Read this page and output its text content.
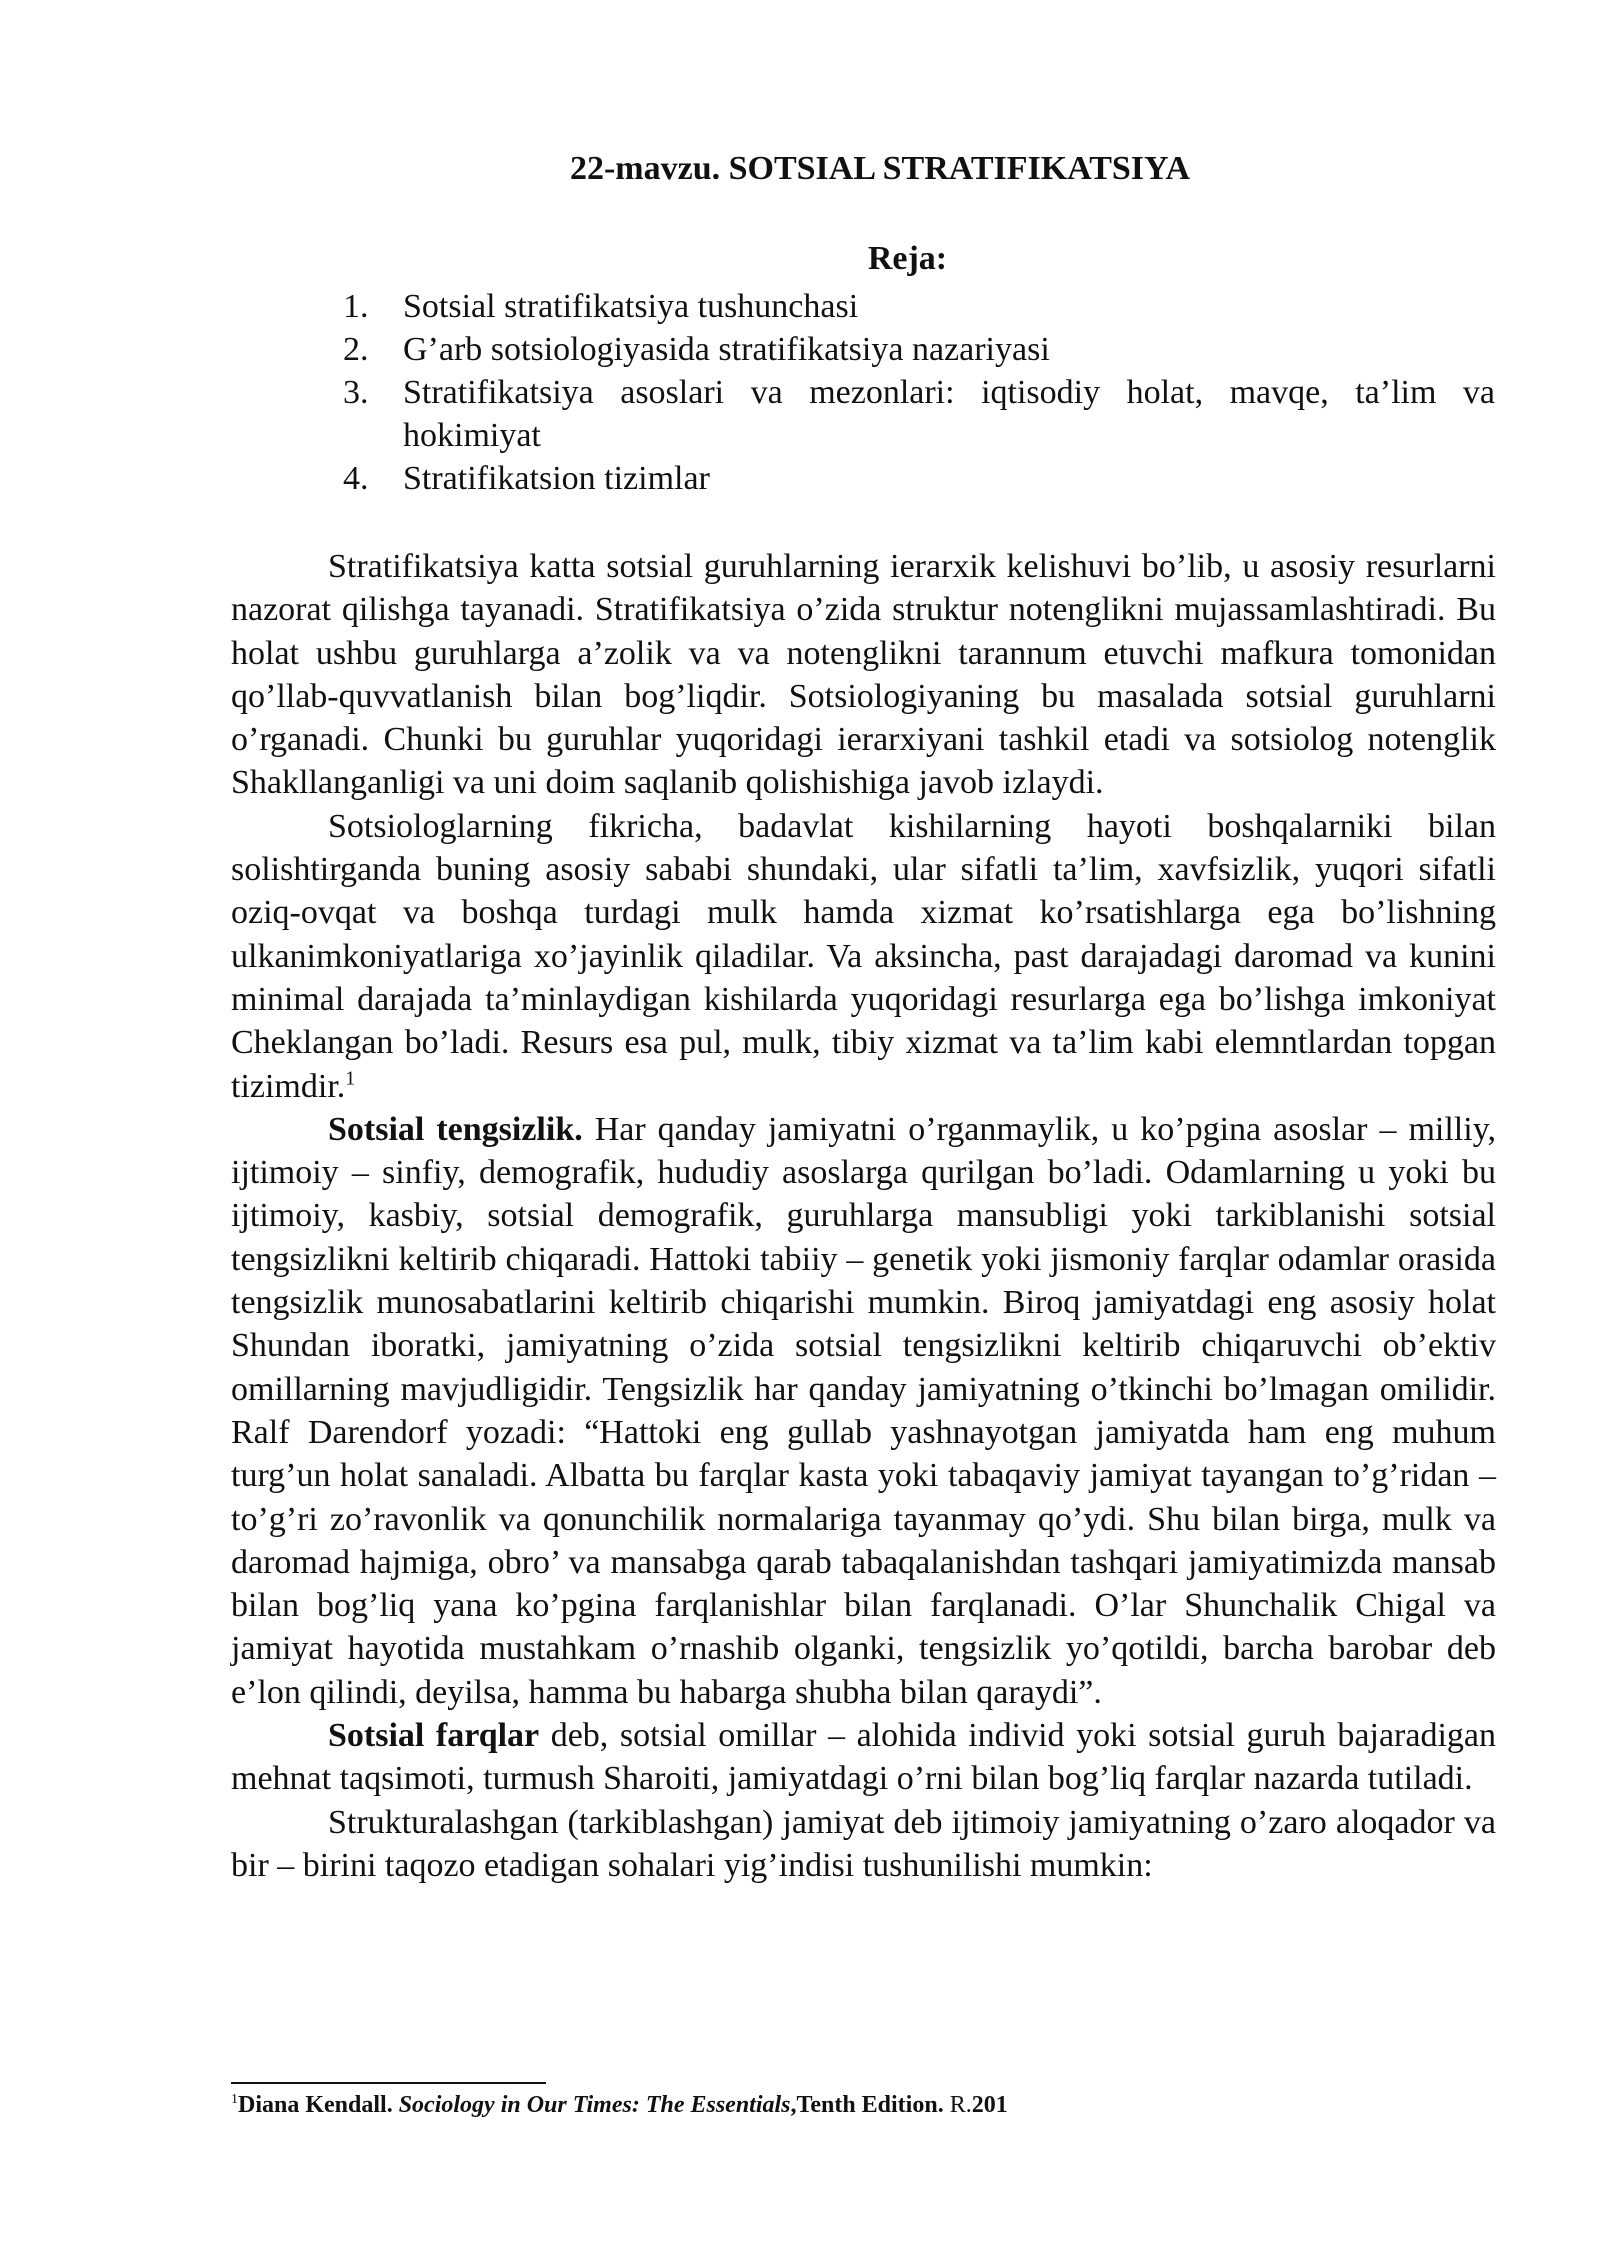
22-mavzu. SOTSIAL STRATIFIKATSIYA
Reja:
1. Sotsial stratifikatsiya tushunchasi
2. G’arb sotsiologiyasida stratifikatsiya nazariyasi
3. Stratifikatsiya asoslari va mezonlari: iqtisodiy holat, mavqe, ta’lim va hokimiyat
4. Stratifikatsion tizimlar

Stratifikatsiya katta sotsial guruhlarning ierarxik kelishuvi bo’lib, u asosiy resurlarni nazorat qilishga tayanadi. Stratifikatsiya o’zida struktur notenglikni mujassamlashtiradi. Bu holat ushbu guruhlarga a’zolik va va notenglikni tarannum etuvchi mafkura tomonidan qo’llab-quvvatlanish bilan bog’liqdir. Sotsiologiyaning bu masalada sotsial guruhlarni o’rganadi. Chunki bu guruhlar yuqoridagi ierarxiyani tashkil etadi va sotsiolog notenglik Shakllanganligi va uni doim saqlanib qolishishiga javob izlaydi.

Sotsiologlarning fikricha, badavlat kishilarning hayoti boshqalarniki bilan solishtirganda buning asosiy sababi shundaki, ular sifatli ta’lim, xavfsizlik, yuqori sifatli oziq-ovqat va boshqa turdagi mulk hamda xizmat ko’rsatishlarga ega bo’lishning ulkanimkoniyatlariga xo’jayinlik qiladilar. Va aksincha, past darajadagi daromad va kunini minimal darajada ta’minlaydigan kishilarda yuqoridagi resurlarga ega bo’lishga imkoniyat Cheklangan bo’ladi. Resurs esa pul, mulk, tibiy xizmat va ta’lim kabi elemntlardan topgan tizimdir.$^1$

Sotsial tengsizlik. Har qanday jamiyatni o’rganmaylik, u ko’pgina asoslar – milliy, ijtimoiy – sinfiy, demografik, hududiy asoslarga qurilgan bo’ladi. Odamlarning u yoki bu ijtimoiy, kasbiy, sotsial demografik, guruhlarga mansubligi yoki tarkiblanishi sotsial tengsizlikni keltirib chiqaradi. Hattoki tabiiy – genetik yoki jismoniy farqlar odamlar orasida tengsizlik munosabatlarini keltirib chiqarishi mumkin. Biroq jamiyatdagi eng asosiy holat Shundan iboratki, jamiyatning o’zida sotsial tengsizlikni keltirib chiqaruvchi ob’ektiv omillarning mavjudligidir. Tengsizlik har qanday jamiyatning o’tkinchi bo’lmagan omilidir. Ralf Darendorf yozadi: “Hattoki eng gullab yashnayotgan jamiyatda ham eng muhum turg’un holat sanaladi. Albatta bu farqlar kasta yoki tabaqaviy jamiyat tayangan to’g’ridan – to’g’ri zo’ravonlik va qonunchilik normalariga tayanmay qo’ydi. Shu bilan birga, mulk va daromad hajmiga, obro’ va mansabga qarab tabaqalanishdan tashqari jamiyatimizda mansab bilan bog’liq yana ko’pgina farqlanishlar bilan farqlanadi. O’lar Shunchalik Chigal va jamiyat hayotida mustahkam o’rnashib olganki, tengsizlik yo’qotildi, barcha barobar deb e’lon qilindi, deyilsa, hamma bu habarga shubha bilan qaraydi”.

Sotsial farqlar deb, sotsial omillar – alohida individ yoki sotsial guruh bajaradigan mehnat taqsimoti, turmush Sharoiti, jamiyatdagi o’rni bilan bog’liq farqlar nazarda tutiladi.

Strukturalashgan (tarkiblashgan) jamiyat deb ijtimoiy jamiyatning o’zaro aloqador va bir – birini taqozo etadigan sohalari yig’indisi tushunilishi mumkin:

$^1$Diana Kendall. Sociology in Our Times: The Essentials,Tenth Edition. R.201
